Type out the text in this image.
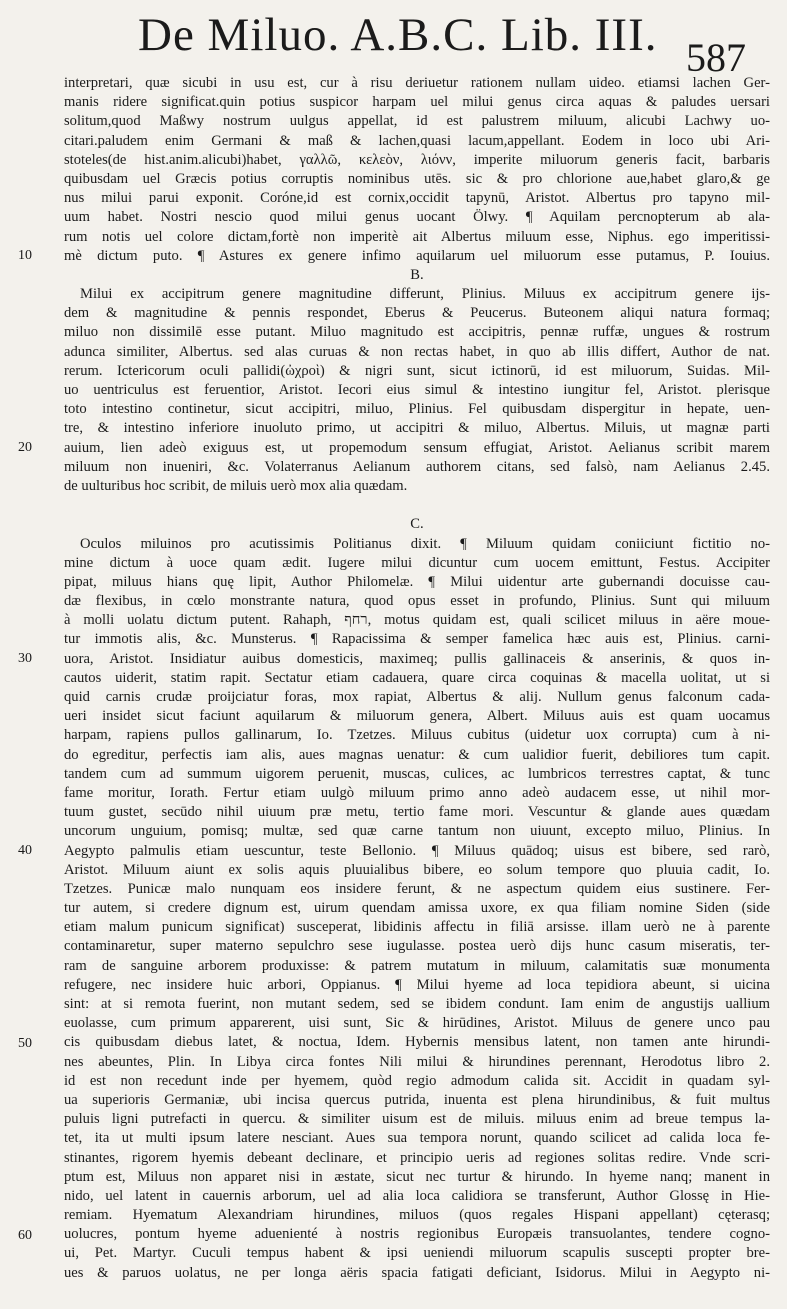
De Miluo. A.B.C. Lib. III. 587
10
20
30
40
50
60
interpretari, quæ sicubi in usu est, cur à risu deriuetur rationem nullam uideo. etiamsi lachen Ger-
manis ridere significat.quin potius suspicor harpam uel milui genus circa aquas & paludes uersari
solitum,quod Maßwy nostrum uulgus appellat, id est palustrem miluum, alicubi Lachwy uo-
citari.paludem enim Germani & maß & lachen,quasi lacum,appellant. Eodem in loco ubi Ari-
stoteles(de hist.anim.alicubi)habet, γαλλῶ, κελεὸν, λιόνν, imperite miluorum generis facit, barbaris
quibusdam uel Græcis potius corruptis nominibus utēs. sic & pro chlorione aue,habet glaro,& ge
nus milui parui exponit. Coróne,id est cornix,occidit tapynū, Aristot. Albertus pro tapyno mil-
uum habet. Nostri nescio quod milui genus uocant Ölwy. ¶ Aquilam percnopterum ab ala-
rum notis uel colore dictam,fortè non imperitè ait Albertus miluum esse, Niphus. ego imperitissi-
mè dictum puto. ¶ Astures ex genere infimo aquilarum uel miluorum esse putamus, P. Iouius.
B.
Milui ex accipitrum genere magnitudine differunt, Plinius. Miluus ex accipitrum genere ijs-
dem & magnitudine & pennis respondet, Eberus & Peucerus. Buteonem aliqui natura formaq;
miluo non dissimilē esse putant. Miluo magnitudo est accipitris, pennæ ruffæ, ungues & rostrum
adunca similiter, Albertus. sed alas curuas & non rectas habet, in quo ab illis differt, Author de nat.
rerum. Ictericorum oculi pallidi(ὠχροὶ) & nigri sunt, sicut ictinorū, id est miluorum, Suidas. Mil-
uo uentriculus est feruentior, Aristot. Iecori eius simul & intestino iungitur fel, Aristot. plerisque
toto intestino continetur, sicut accipitri, miluo, Plinius. Fel quibusdam dispergitur in hepate, uen-
tre, & intestino inferiore inuoluto primo, ut accipitri & miluo, Albertus. Miluis, ut magnæ parti
auium, lien adeò exiguus est, ut propemodum sensum effugiat, Aristot. Aelianus scribit marem
miluum non inueniri, &c. Volaterranus Aelianum authorem citans, sed falsò, nam Aelianus 2.45.
de uulturibus hoc scribit, de miluis uerò mox alia quædam.
C.
Oculos miluinos pro acutissimis Politianus dixit. ¶ Miluum quidam coniiciunt fictitio no-
mine dictum à uoce quam ædit. Iugere milui dicuntur cum uocem emittunt, Festus. Accipiter
pipat, miluus hians quę lipit, Author Philomelæ. ¶ Milui uidentur arte gubernandi docuisse cau-
dæ flexibus, in cœlo monstrante natura, quod opus esset in profundo, Plinius. Sunt qui miluum
à molli uolatu dictum putent. Rahaph, רחף, motus quidam est, quali scilicet miluus in aëre moue-
tur immotis alis, &c. Munsterus. ¶ Rapacissima & semper famelica hæc auis est, Plinius. carni-
uora, Aristot. Insidiatur auibus domesticis, maximeq; pullis gallinaceis & anserinis, & quos in-
cautos uiderit, statim rapit. Sectatur etiam cadauera, quare circa coquinas & macella uolitat, ut si
quid carnis crudæ proijciatur foras, mox rapiat, Albertus & alij. Nullum genus falconum cada-
ueri insidet sicut faciunt aquilarum & miluorum genera, Albert. Miluus auis est quam uocamus
harpam, rapiens pullos gallinarum, Io. Tzetzes. Miluus cubitus (uidetur uox corrupta) cum à ni-
do egreditur, perfectis iam alis, aues magnas uenatur: & cum ualidior fuerit, debiliores tum capit.
tandem cum ad summum uigorem peruenit, muscas, culices, ac lumbricos terrestres captat, & tunc
fame moritur, Iorath. Fertur etiam uulgò miluum primo anno adeò audacem esse, ut nihil mor-
tuum gustet, secūdo nihil uiuum præ metu, tertio fame mori. Vescuntur & glande aues quædam
uncorum unguium, pomisq; multæ, sed quæ carne tantum non uiuunt, excepto miluo, Plinius. In
Aegypto palmulis etiam uescuntur, teste Bellonio. ¶ Miluus quādoq; uisus est bibere, sed rarò,
Aristot. Miluum aiunt ex solis aquis pluuialibus bibere, eo solum tempore quo pluuia cadit, Io.
Tzetzes. Punicæ malo nunquam eos insidere ferunt, & ne aspectum quidem eius sustinere. Fer-
tur autem, si credere dignum est, uirum quendam amissa uxore, ex qua filiam nomine Siden (side
etiam malum punicum significat) susceperat, libidinis affectu in filiā arsisse. illam uerò ne à parente
contaminaretur, super materno sepulchro sese iugulasse. postea uerò dijs hunc casum miseratis, ter-
ram de sanguine arborem produxisse: & patrem mutatum in miluum, calamitatis suæ monumenta
refugere, nec insidere huic arbori, Oppianus. ¶ Milui hyeme ad loca tepidiora abeunt, si uicina
sint: at si remota fuerint, non mutant sedem, sed se ibidem condunt. Iam enim de angustijs uallium
euolasse, cum primum apparerent, uisi sunt, Sic & hirūdines, Aristot. Miluus de genere unco pau
cis quibusdam diebus latet, & noctua, Idem. Hybernis mensibus latent, non tamen ante hirundi-
nes abeuntes, Plin. In Libya circa fontes Nili milui & hirundines perennant, Herodotus libro 2.
id est non recedunt inde per hyemem, quòd regio admodum calida sit. Accidit in quadam syl-
ua superioris Germaniæ, ubi incisa quercus putrida, inuenta est plena hirundinibus, & fuit multus
puluis ligni putrefacti in quercu. & similiter uisum est de miluis. miluus enim ad breue tempus la-
tet, ita ut multi ipsum latere nesciant. Aues sua tempora norunt, quando scilicet ad calida loca fe-
stinantes, rigorem hyemis debeant declinare, et principio ueris ad regiones solitas redire. Vnde scri-
ptum est, Miluus non apparet nisi in æstate, sicut nec turtur & hirundo. In hyeme nanq; manent in
nido, uel latent in cauernis arborum, uel ad alia loca calidiora se transferunt, Author Glossę in Hie-
remiam. Hyematum Alexandriam hirundines, miluos (quos regales Hispani appellant) cęterasq;
uolucres, pontum hyeme aduenienté à nostris regionibus Europæis transuolantes, tendere cogno-
ui, Pet. Martyr. Cuculi tempus habent & ipsi ueniendi miluorum scapulis suscepti propter bre-
ues & paruos uolatus, ne per longa aëris spacia fatigati deficiant, Isidorus. Milui in Aegypto ni-
